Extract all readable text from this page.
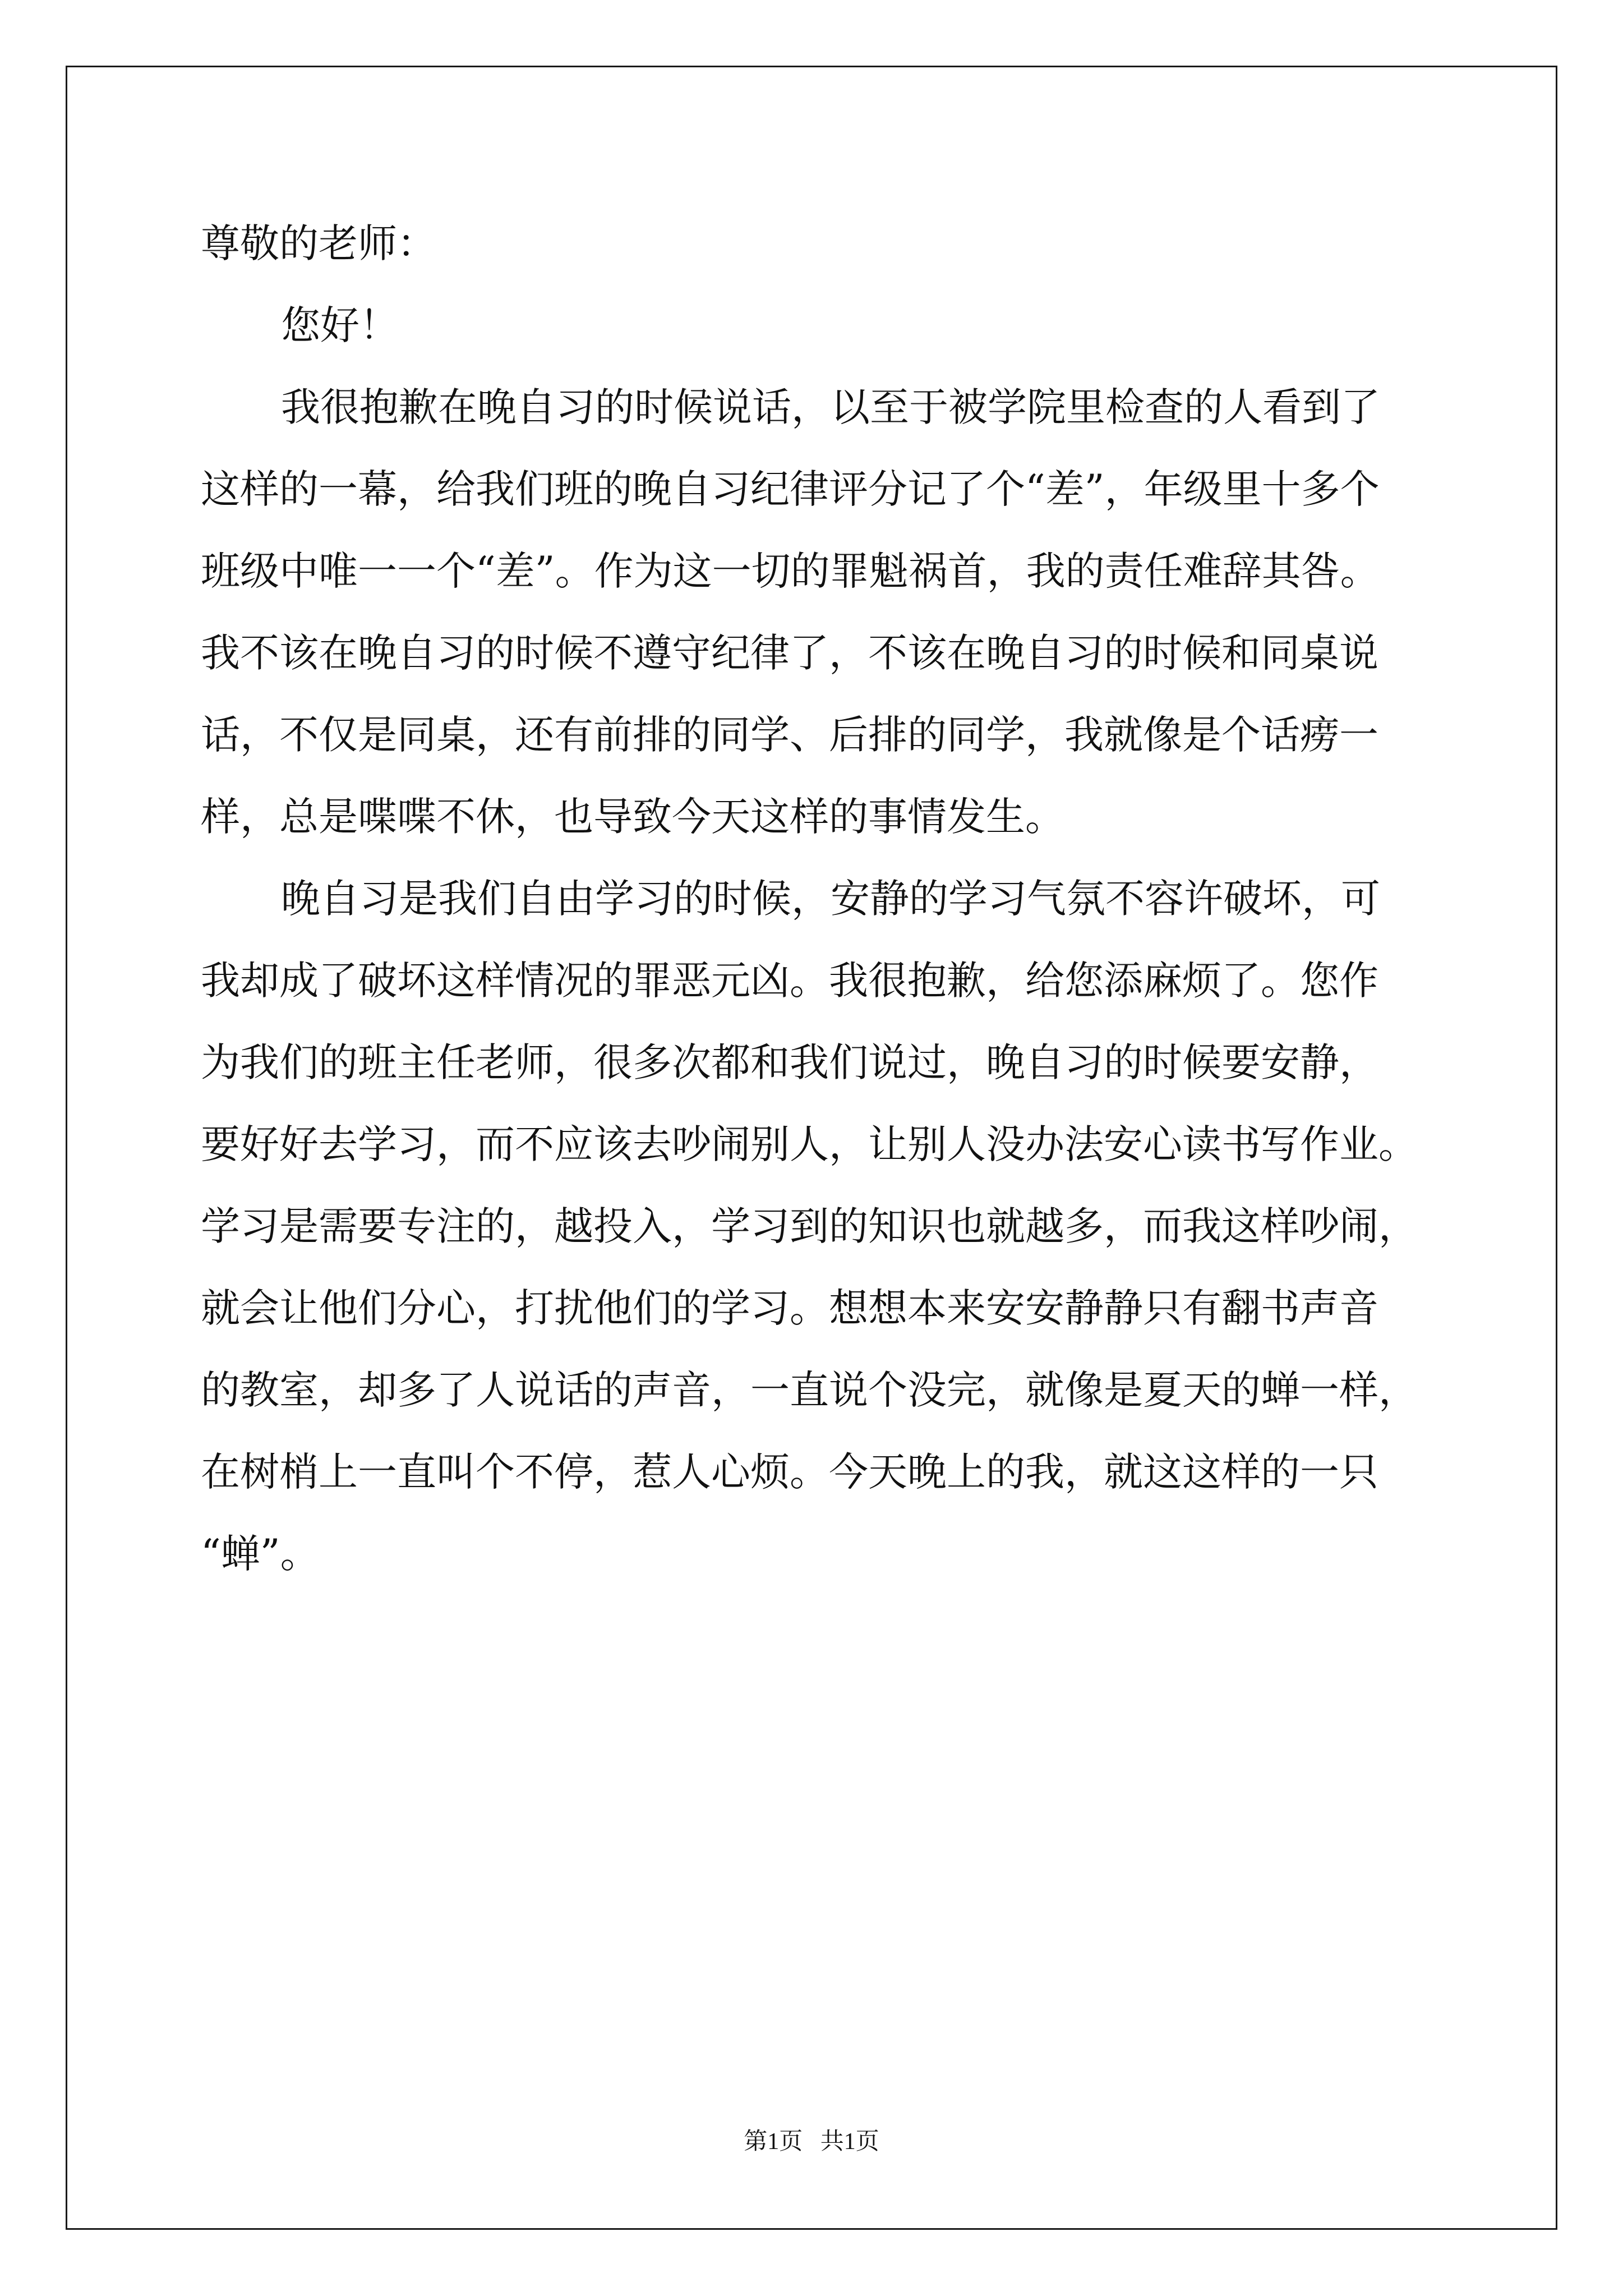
尊敬的老师：
您好！
我很抱歉在晚自习的时候说话，以至于被学院里检查的人看到了
这样的一幕，给我们班的晚自习纪律评分记了个“差”，年级里十多个
班级中唯一一个“差”。作为这一切的罪魁祸首，我的责任难辞其咎。
我不该在晚自习的时候不遵守纪律了，不该在晚自习的时候和同桌说
话，不仅是同桌，还有前排的同学、后排的同学，我就像是个话痨一
样，总是喋喋不休，也导致今天这样的事情发生。
晚自习是我们自由学习的时候，安静的学习气氛不容许破坏，可
我却成了破坏这样情况的罪恶元凶。我很抱歉，给您添麻烦了。您作
为我们的班主任老师，很多次都和我们说过，晚自习的时候要安静，
要好好去学习，而不应该去吵闹别人，让别人没办法安心读书写作业。
学习是需要专注的，越投入，学习到的知识也就越多，而我这样吵闹，
就会让他们分心，打扰他们的学习。想想本来安安静静只有翻书声音
的教室，却多了人说话的声音，一直说个没完，就像是夏天的蝉一样，
在树梢上一直叫个不停，惹人心烦。今天晚上的我，就这这样的一只
“蝉”。
第1页   共1页
